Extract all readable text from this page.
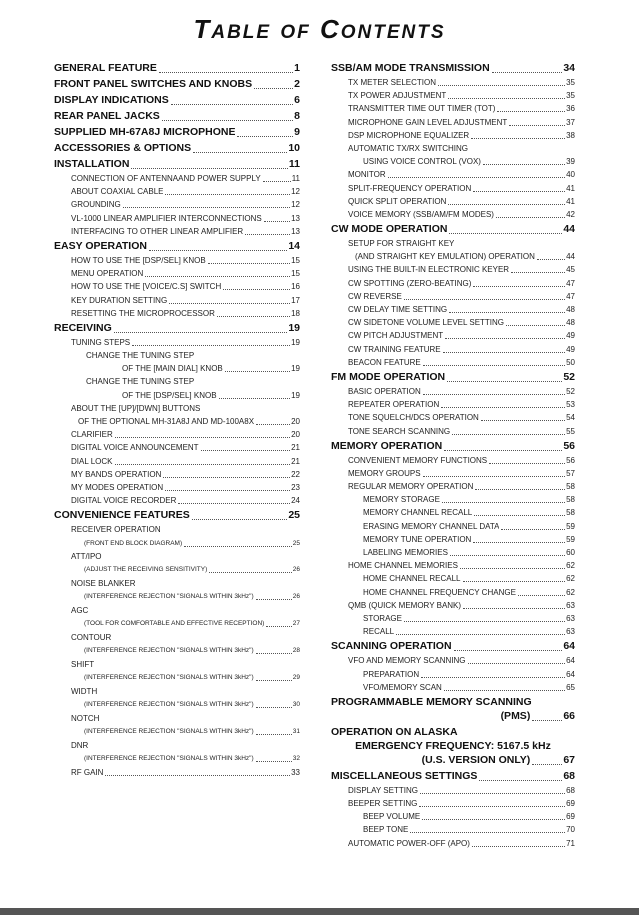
TABLE OF CONTENTS
GENERAL FEATURE	1
FRONT PANEL SWITCHES AND KNOBS	2
DISPLAY INDICATIONS	6
REAR PANEL JACKS	8
SUPPLIED MH-67A8J MICROPHONE	9
ACCESSORIES & OPTIONS	10
INSTALLATION	11
CONNECTION OF ANTENNAAND POWER SUPPLY	11
ABOUT COAXIAL CABLE	12
GROUNDING	12
VL-1000 LINEAR AMPLIFIER INTERCONNECTIONS	13
INTERFACING TO OTHER LINEAR AMPLIFIER	13
EASY OPERATION	14
HOW TO USE THE [DSP/SEL] KNOB	15
MENU OPERATION	15
HOW TO USE THE [VOICE/C.S] SWITCH	16
KEY DURATION SETTING	17
RESETTING THE MICROPROCESSOR	18
RECEIVING	19
TUNING STEPS	19
CHANGE THE TUNING STEP
OF THE [MAIN DIAL] KNOB	19
CHANGE THE TUNING STEP
OF THE [DSP/SEL] KNOB	19
ABOUT THE [UP]/[DWN] BUTTONS
OF THE OPTIONAL MH-31A8J AND MD-100A8X	20
CLARIFIER	20
DIGITAL VOICE ANNOUNCEMENT	21
DIAL LOCK	21
MY BANDS OPERATION	22
MY MODES OPERATION	23
DIGITAL VOICE RECORDER	24
CONVENIENCE FEATURES	25
RECEIVER OPERATION
(FRONT END BLOCK DIAGRAM)	25
ATT/IPO
(ADJUST THE RECEIVING SENSITIVITY)	26
NOISE BLANKER
(INTERFERENCE REJECTION "SIGNALS WITHIN 3kHz")	26
AGC
(TOOL FOR COMFORTABLE AND EFFECTIVE RECEPTION)	27
CONTOUR
(INTERFERENCE REJECTION "SIGNALS WITHIN 3kHz")	28
SHIFT
(INTERFERENCE REJECTION "SIGNALS WITHIN 3kHz")	29
WIDTH
(INTERFERENCE REJECTION "SIGNALS WITHIN 3kHz")	30
NOTCH
(INTERFERENCE REJECTION "SIGNALS WITHIN 3kHz")	31
DNR
(INTERFERENCE REJECTION "SIGNALS WITHIN 3kHz")	32
RF GAIN	33
SSB/AM MODE TRANSMISSION	34
TX METER SELECTION	35
TX POWER ADJUSTMENT	35
TRANSMITTER TIME OUT TIMER (TOT)	36
MICROPHONE GAIN LEVEL ADJUSTMENT	37
DSP MICROPHONE EQUALIZER	38
AUTOMATIC TX/RX SWITCHING
USING VOICE CONTROL (VOX)	39
MONITOR	40
SPLIT-FREQUENCY OPERATION	41
QUICK SPLIT OPERATION	41
VOICE MEMORY (SSB/AM/FM MODES)	42
CW MODE OPERATION	44
SETUP FOR STRAIGHT KEY
(AND STRAIGHT KEY EMULATION) OPERATION	44
USING THE BUILT-IN ELECTRONIC KEYER	45
CW SPOTTING (ZERO-BEATING)	47
CW REVERSE	47
CW DELAY TIME SETTING	48
CW SIDETONE VOLUME LEVEL SETTING	48
CW PITCH ADJUSTMENT	49
CW TRAINING FEATURE	49
BEACON FEATURE	50
FM MODE OPERATION	52
BASIC OPERATION	52
REPEATER OPERATION	53
TONE SQUELCH/DCS OPERATION	54
TONE SEARCH SCANNING	55
MEMORY OPERATION	56
CONVENIENT MEMORY FUNCTIONS	56
MEMORY GROUPS	57
REGULAR MEMORY OPERATION	58
MEMORY STORAGE	58
MEMORY CHANNEL RECALL	58
ERASING MEMORY CHANNEL DATA	59
MEMORY TUNE OPERATION	59
LABELING MEMORIES	60
HOME CHANNEL MEMORIES	62
HOME CHANNEL RECALL	62
HOME CHANNEL FREQUENCY CHANGE	62
QMB (QUICK MEMORY BANK)	63
STORAGE	63
RECALL	63
SCANNING OPERATION	64
VFO AND MEMORY SCANNING	64
PREPARATION	64
VFO/MEMORY SCAN	65
PROGRAMMABLE MEMORY SCANNING
(PMS)	66
OPERATION ON ALASKA
EMERGENCY FREQUENCY: 5167.5 kHz
(U.S. VERSION ONLY)	67
MISCELLANEOUS SETTINGS	68
DISPLAY SETTING	68
BEEPER SETTING	69
BEEP VOLUME	69
BEEP TONE	70
AUTOMATIC POWER-OFF (APO)	71
